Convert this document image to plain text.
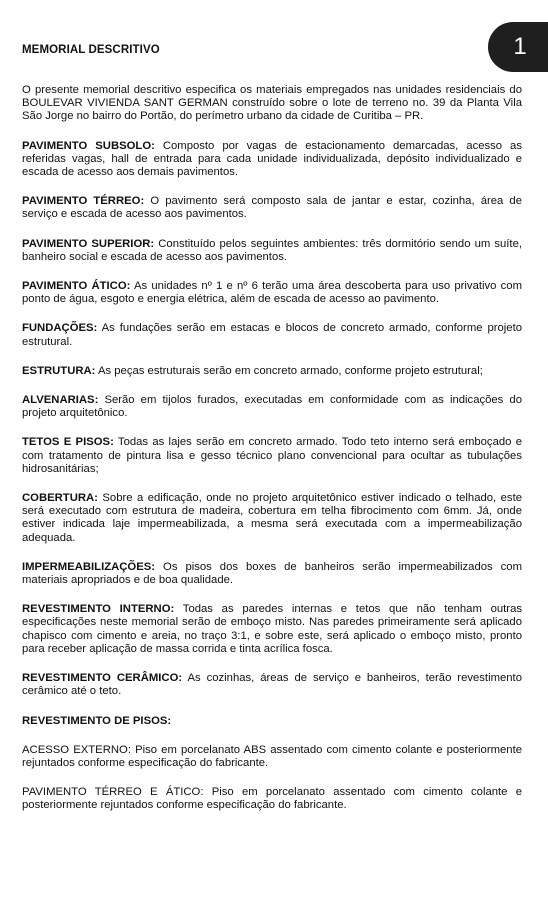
1
MEMORIAL DESCRITIVO

O presente memorial descritivo especifica os materiais empregados nas unidades residenciais do BOULEVAR VIVIENDA SANT GERMAN construído sobre o lote de terreno no. 39 da Planta Vila São Jorge no bairro do Portão, do perímetro urbano da cidade de Curitiba – PR.

PAVIMENTO SUBSOLO: Composto por vagas de estacionamento demarcadas, acesso as referidas vagas, hall de entrada para cada unidade individualizada, depósito individualizado e escada de acesso aos demais pavimentos.

PAVIMENTO TÉRREO: O pavimento será composto sala de jantar e estar, cozinha, área de serviço e escada de acesso aos pavimentos.

PAVIMENTO SUPERIOR: Constituído pelos seguintes ambientes: três dormitório sendo um suíte, banheiro social e escada de acesso aos pavimentos.

PAVIMENTO ÁTICO: As unidades nº 1 e nº 6 terão uma área descoberta para uso privativo com ponto de água, esgoto e energia elétrica, além de escada de acesso ao pavimento.

FUNDAÇÕES: As fundações serão em estacas e blocos de concreto armado, conforme projeto estrutural.

ESTRUTURA: As peças estruturais serão em concreto armado, conforme projeto estrutural;

ALVENARIAS: Serão em tijolos furados, executadas em conformidade com as indicações do projeto arquitetônico.

TETOS E PISOS: Todas as lajes serão em concreto armado. Todo teto interno será emboçado e com tratamento de pintura lisa e gesso técnico plano convencional para ocultar as tubulações hidrosanitárias;

COBERTURA: Sobre a edificação, onde no projeto arquitetônico estiver indicado o telhado, este será executado com estrutura de madeira, cobertura em telha fibrocimento com 6mm. Já, onde estiver indicada laje impermeabilizada, a mesma será executada com a impermeabilização adequada.

IMPERMEABILIZAÇÕES: Os pisos dos boxes de banheiros serão impermeabilizados com materiais apropriados e de boa qualidade.

REVESTIMENTO INTERNO: Todas as paredes internas e tetos que não tenham outras especificações neste memorial serão de emboço misto. Nas paredes primeiramente será aplicado chapisco com cimento e areia, no traço 3:1, e sobre este, será aplicado o emboço misto, pronto para receber aplicação de massa corrida e tinta acrílica fosca.

REVESTIMENTO CERÂMICO: As cozinhas, áreas de serviço e banheiros, terão revestimento cerâmico até o teto.

REVESTIMENTO DE PISOS:

ACESSO EXTERNO: Piso em porcelanato ABS assentado com cimento colante e posteriormente rejuntados conforme especificação do fabricante.

PAVIMENTO TÉRREO E ÁTICO: Piso em porcelanato assentado com cimento colante e posteriormente rejuntados conforme especificação do fabricante.
